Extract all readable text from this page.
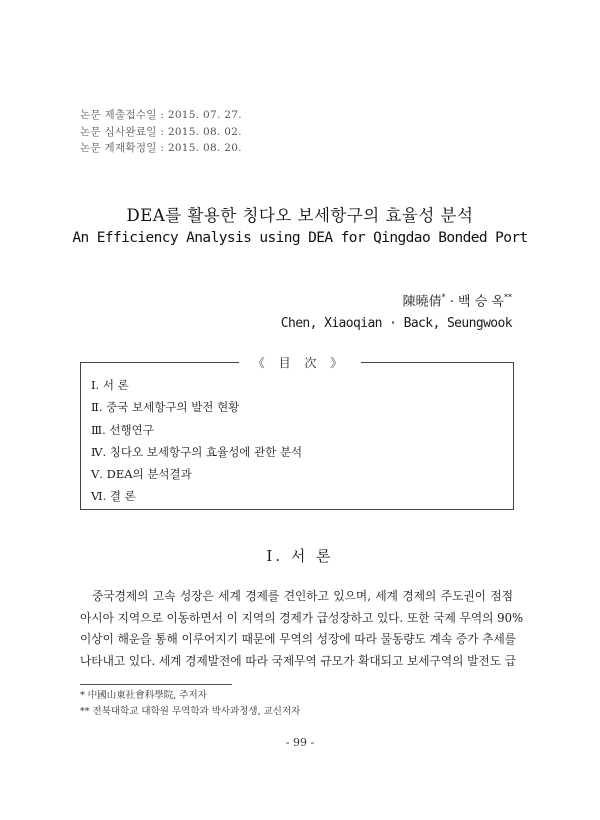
논문 제출접수일 : 2015. 07. 27.
논문 심사완료일 : 2015. 08. 02.
논문 게재확정일 : 2015. 08. 20.
DEA를 활용한 칭다오 보세항구의 효율성 분석
An Efficiency Analysis using DEA for Qingdao Bonded Port
陳曉倩* · 백 승 옥**
Chen, Xiaoqian · Back, Seungwook
《 目 次 》
Ⅰ. 서 론
Ⅱ. 중국 보세항구의 발전 현황
Ⅲ. 선행연구
Ⅳ. 칭다오 보세항구의 효율성에 관한 분석
Ⅴ. DEA의 분석결과
Ⅵ. 결 론
Ⅰ. 서 론
중국경제의 고속 성장은 세계 경제를 견인하고 있으며, 세계 경제의 주도권이 점점
아시아 지역으로 이동하면서 이 지역의 경제가 급성장하고 있다. 또한 국제 무역의 90%
이상이 해운을 통해 이루어지기 때문에 무역의 성장에 따라 물동량도 계속 증가 추세를
나타내고 있다. 세계 경제발전에 따라 국제무역 규모가 확대되고 보세구역의 발전도 급
* 中國山東社會科學院, 주저자
** 전북대학교 대학원 무역학과 박사과정생, 교신저자
- 99 -
